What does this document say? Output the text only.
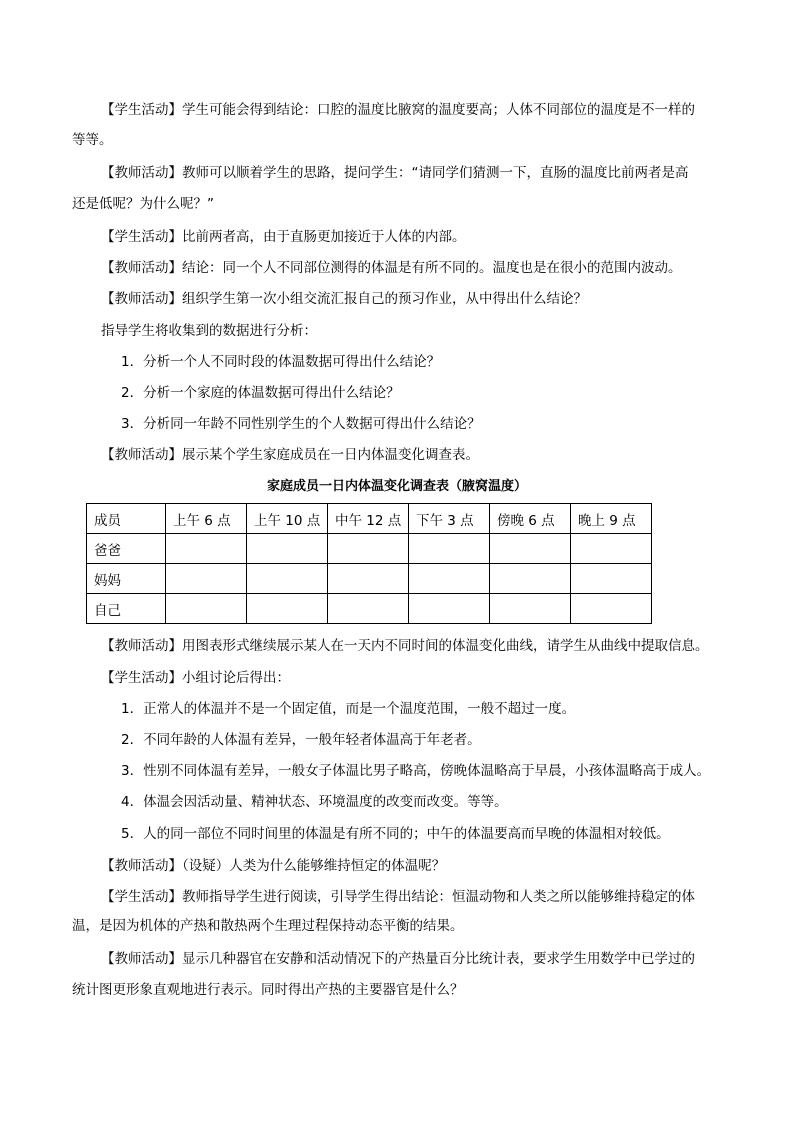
【学生活动】学生可能会得到结论：口腔的温度比腋窝的温度要高；人体不同部位的温度是不一样的
等等。
【教师活动】教师可以顺着学生的思路，提问学生：“请同学们猜测一下，直肠的温度比前两者是高
还是低呢？为什么呢？”
【学生活动】比前两者高，由于直肠更加接近于人体的内部。
【教师活动】结论：同一个人不同部位测得的体温是有所不同的。温度也是在很小的范围内波动。
【教师活动】组织学生第一次小组交流汇报自己的预习作业，从中得出什么结论？
指导学生将收集到的数据进行分析：
1．分析一个人不同时段的体温数据可得出什么结论？
2．分析一个家庭的体温数据可得出什么结论？
3．分析同一年龄不同性别学生的个人数据可得出什么结论？
【教师活动】展示某个学生家庭成员在一日内体温变化调查表。
【教师活动】用图表形式继续展示某人在一天内不同时间的体温变化曲线，请学生从曲线中提取信息。
【学生活动】小组讨论后得出：
1．正常人的体温并不是一个固定值，而是一个温度范围，一般不超过一度。
2．不同年龄的人体温有差异，一般年轻者体温高于年老者。
3．性别不同体温有差异，一般女子体温比男子略高，傍晚体温略高于早晨，小孩体温略高于成人。
4．体温会因活动量、精神状态、环境温度的改变而改变。等等。
5．人的同一部位不同时间里的体温是有所不同的；中午的体温要高而早晚的体温相对较低。
【教师活动】（设疑）人类为什么能够维持恒定的体温呢？
【学生活动】教师指导学生进行阅读，引导学生得出结论：恒温动物和人类之所以能够维持稳定的体
温，是因为机体的产热和散热两个生理过程保持动态平衡的结果。
【教师活动】显示几种器官在安静和活动情况下的产热量百分比统计表，要求学生用数学中已学过的
统计图更形象直观地进行表示。同时得出产热的主要器官是什么？
家庭成员一日内体温变化调查表（腋窝温度）
成员	上午 6 点	上午 10 点	中午 12 点	下午 3 点	傍晚 6 点	晚上 9 点
爸爸						
妈妈						
自己						
